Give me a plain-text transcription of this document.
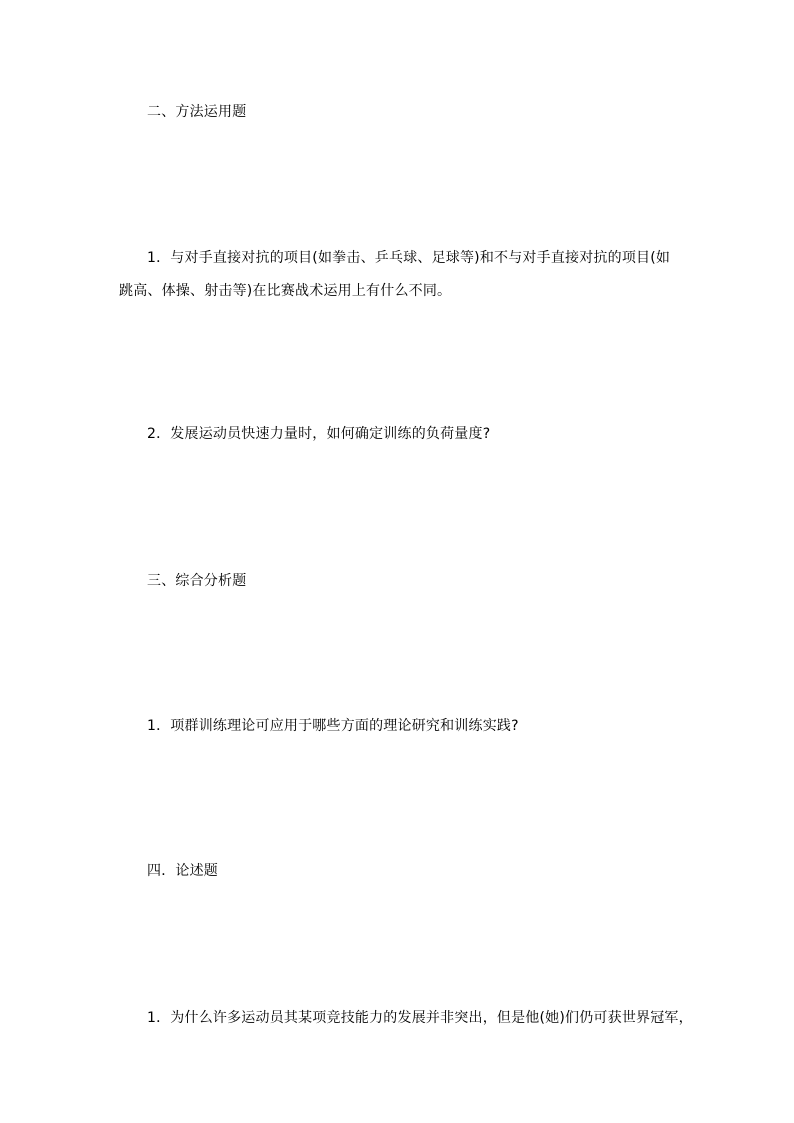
二、方法运用题
1．与对手直接对抗的项目(如拳击、乒乓球、足球等)和不与对手直接对抗的项目(如
跳高、体操、射击等)在比赛战术运用上有什么不同。
2．发展运动员快速力量时，如何确定训练的负荷量度?
三、综合分析题
1．项群训练理论可应用于哪些方面的理论研究和训练实践?
四．论述题
1．为什么许多运动员其某项竞技能力的发展并非突出，但是他(她)们仍可获世界冠军，
